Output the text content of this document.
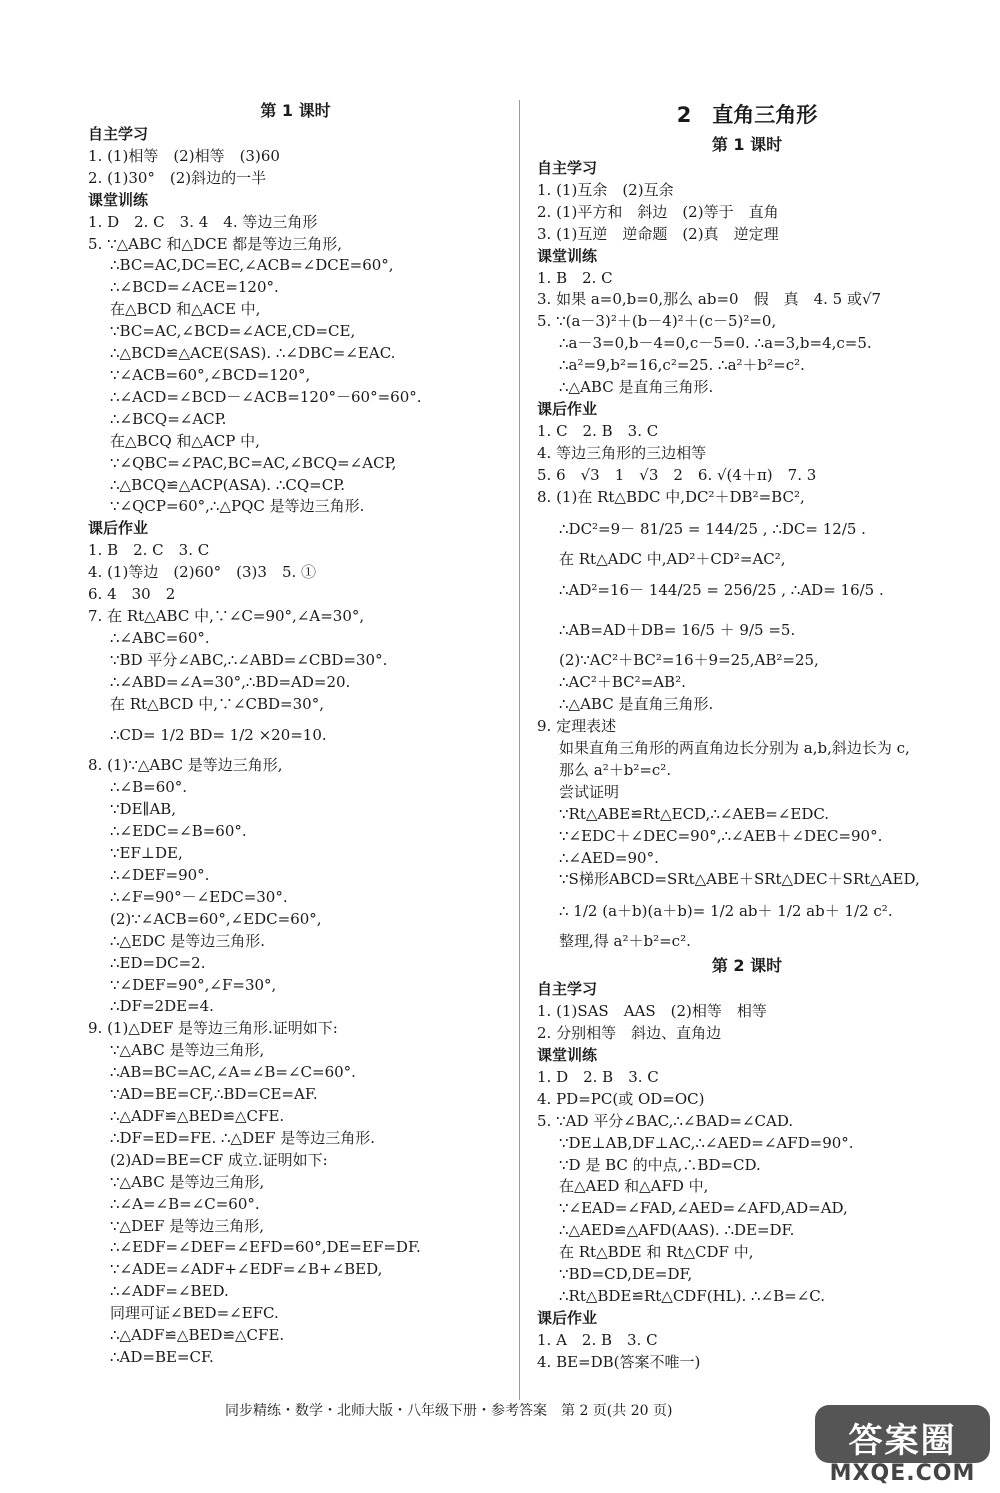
第 1 课时
自主学习
1. (1)相等　(2)相等　(3)60
2. (1)30°　(2)斜边的一半
课堂训练
1. D　2. C　3. 4　4. 等边三角形
5. ∵△ABC 和△DCE 都是等边三角形,
∴BC=AC,DC=EC,∠ACB=∠DCE=60°,
∴∠BCD=∠ACE=120°.
在△BCD 和△ACE 中,
∵BC=AC,∠BCD=∠ACE,CD=CE,
∴△BCD≌△ACE(SAS). ∴∠DBC=∠EAC.
∵∠ACB=60°,∠BCD=120°,
∴∠ACD=∠BCD－∠ACB=120°－60°=60°.
∴∠BCQ=∠ACP.
在△BCQ 和△ACP 中,
∵∠QBC=∠PAC,BC=AC,∠BCQ=∠ACP,
∴△BCQ≌△ACP(ASA). ∴CQ=CP.
∵∠QCP=60°,∴△PQC 是等边三角形.
课后作业
1. B　2. C　3. C
4. (1)等边　(2)60°　(3)3　5. ①
6. 4　30　2
7. 在 Rt△ABC 中,∵∠C=90°,∠A=30°,
∴∠ABC=60°.
∵BD 平分∠ABC,∴∠ABD=∠CBD=30°.
∴∠ABD=∠A=30°,∴BD=AD=20.
在 Rt△BCD 中,∵∠CBD=30°,
∴CD= 1/2 BD= 1/2 ×20=10.
8. (1)∵△ABC 是等边三角形,
∴∠B=60°.
∵DE∥AB,
∴∠EDC=∠B=60°.
∵EF⊥DE,
∴∠DEF=90°.
∴∠F=90°－∠EDC=30°.
(2)∵∠ACB=60°,∠EDC=60°,
∴△EDC 是等边三角形.
∴ED=DC=2.
∵∠DEF=90°,∠F=30°,
∴DF=2DE=4.
9. (1)△DEF 是等边三角形.证明如下:
∵△ABC 是等边三角形,
∴AB=BC=AC,∠A=∠B=∠C=60°.
∵AD=BE=CF,∴BD=CE=AF.
∴△ADF≌△BED≌△CFE.
∴DF=ED=FE. ∴△DEF 是等边三角形.
(2)AD=BE=CF 成立.证明如下:
∵△ABC 是等边三角形,
∴∠A=∠B=∠C=60°.
∵△DEF 是等边三角形,
∴∠EDF=∠DEF=∠EFD=60°,DE=EF=DF.
∵∠ADE=∠ADF+∠EDF=∠B+∠BED,
∴∠ADF=∠BED.
同理可证∠BED=∠EFC.
∴△ADF≌△BED≌△CFE.
∴AD=BE=CF.
2　直角三角形
第 1 课时
自主学习
1. (1)互余　(2)互余
2. (1)平方和　斜边　(2)等于　直角
3. (1)互逆　逆命题　(2)真　逆定理
课堂训练
1. B　2. C
3. 如果 a=0,b=0,那么 ab=0　假　真　4. 5 或√7
5. ∵(a－3)²＋(b－4)²＋(c－5)²=0,
∴a－3=0,b－4=0,c－5=0. ∴a=3,b=4,c=5.
∴a²=9,b²=16,c²=25. ∴a²＋b²=c².
∴△ABC 是直角三角形.
课后作业
1. C　2. B　3. C
4. 等边三角形的三边相等
5. 6　√3　1　√3　2　6. √(4＋π)　7. 3
8. (1)在 Rt△BDC 中,DC²＋DB²=BC²,
∴DC²=9－ 81/25 = 144/25 , ∴DC= 12/5 .
在 Rt△ADC 中,AD²＋CD²=AC²,
∴AD²=16－ 144/25 = 256/25 , ∴AD= 16/5 .
∴AB=AD＋DB= 16/5 ＋ 9/5 =5.
(2)∵AC²＋BC²=16＋9=25,AB²=25,
∴AC²＋BC²=AB².
∴△ABC 是直角三角形.
9. 定理表述
如果直角三角形的两直角边长分别为 a,b,斜边长为 c,
那么 a²＋b²=c².
尝试证明
∵Rt△ABE≌Rt△ECD,∴∠AEB=∠EDC.
∵∠EDC＋∠DEC=90°,∴∠AEB＋∠DEC=90°.
∴∠AED=90°.
∵S梯形ABCD=SRt△ABE＋SRt△DEC＋SRt△AED,
∴ 1/2 (a＋b)(a＋b)= 1/2 ab＋ 1/2 ab＋ 1/2 c².
整理,得 a²＋b²=c².
第 2 课时
自主学习
1. (1)SAS　AAS　(2)相等　相等
2. 分别相等　斜边、直角边
课堂训练
1. D　2. B　3. C
4. PD=PC(或 OD=OC)
5. ∵AD 平分∠BAC,∴∠BAD=∠CAD.
∵DE⊥AB,DF⊥AC,∴∠AED=∠AFD=90°.
∵D 是 BC 的中点,∴BD=CD.
在△AED 和△AFD 中,
∵∠EAD=∠FAD,∠AED=∠AFD,AD=AD,
∴△AED≌△AFD(AAS). ∴DE=DF.
在 Rt△BDE 和 Rt△CDF 中,
∵BD=CD,DE=DF,
∴Rt△BDE≌Rt△CDF(HL). ∴∠B=∠C.
课后作业
1. A　2. B　3. C
4. BE=DB(答案不唯一)
同步精练・数学・北师大版・八年级下册・参考答案　第 2 页(共 20 页)
答案圈
MXQE.COM
